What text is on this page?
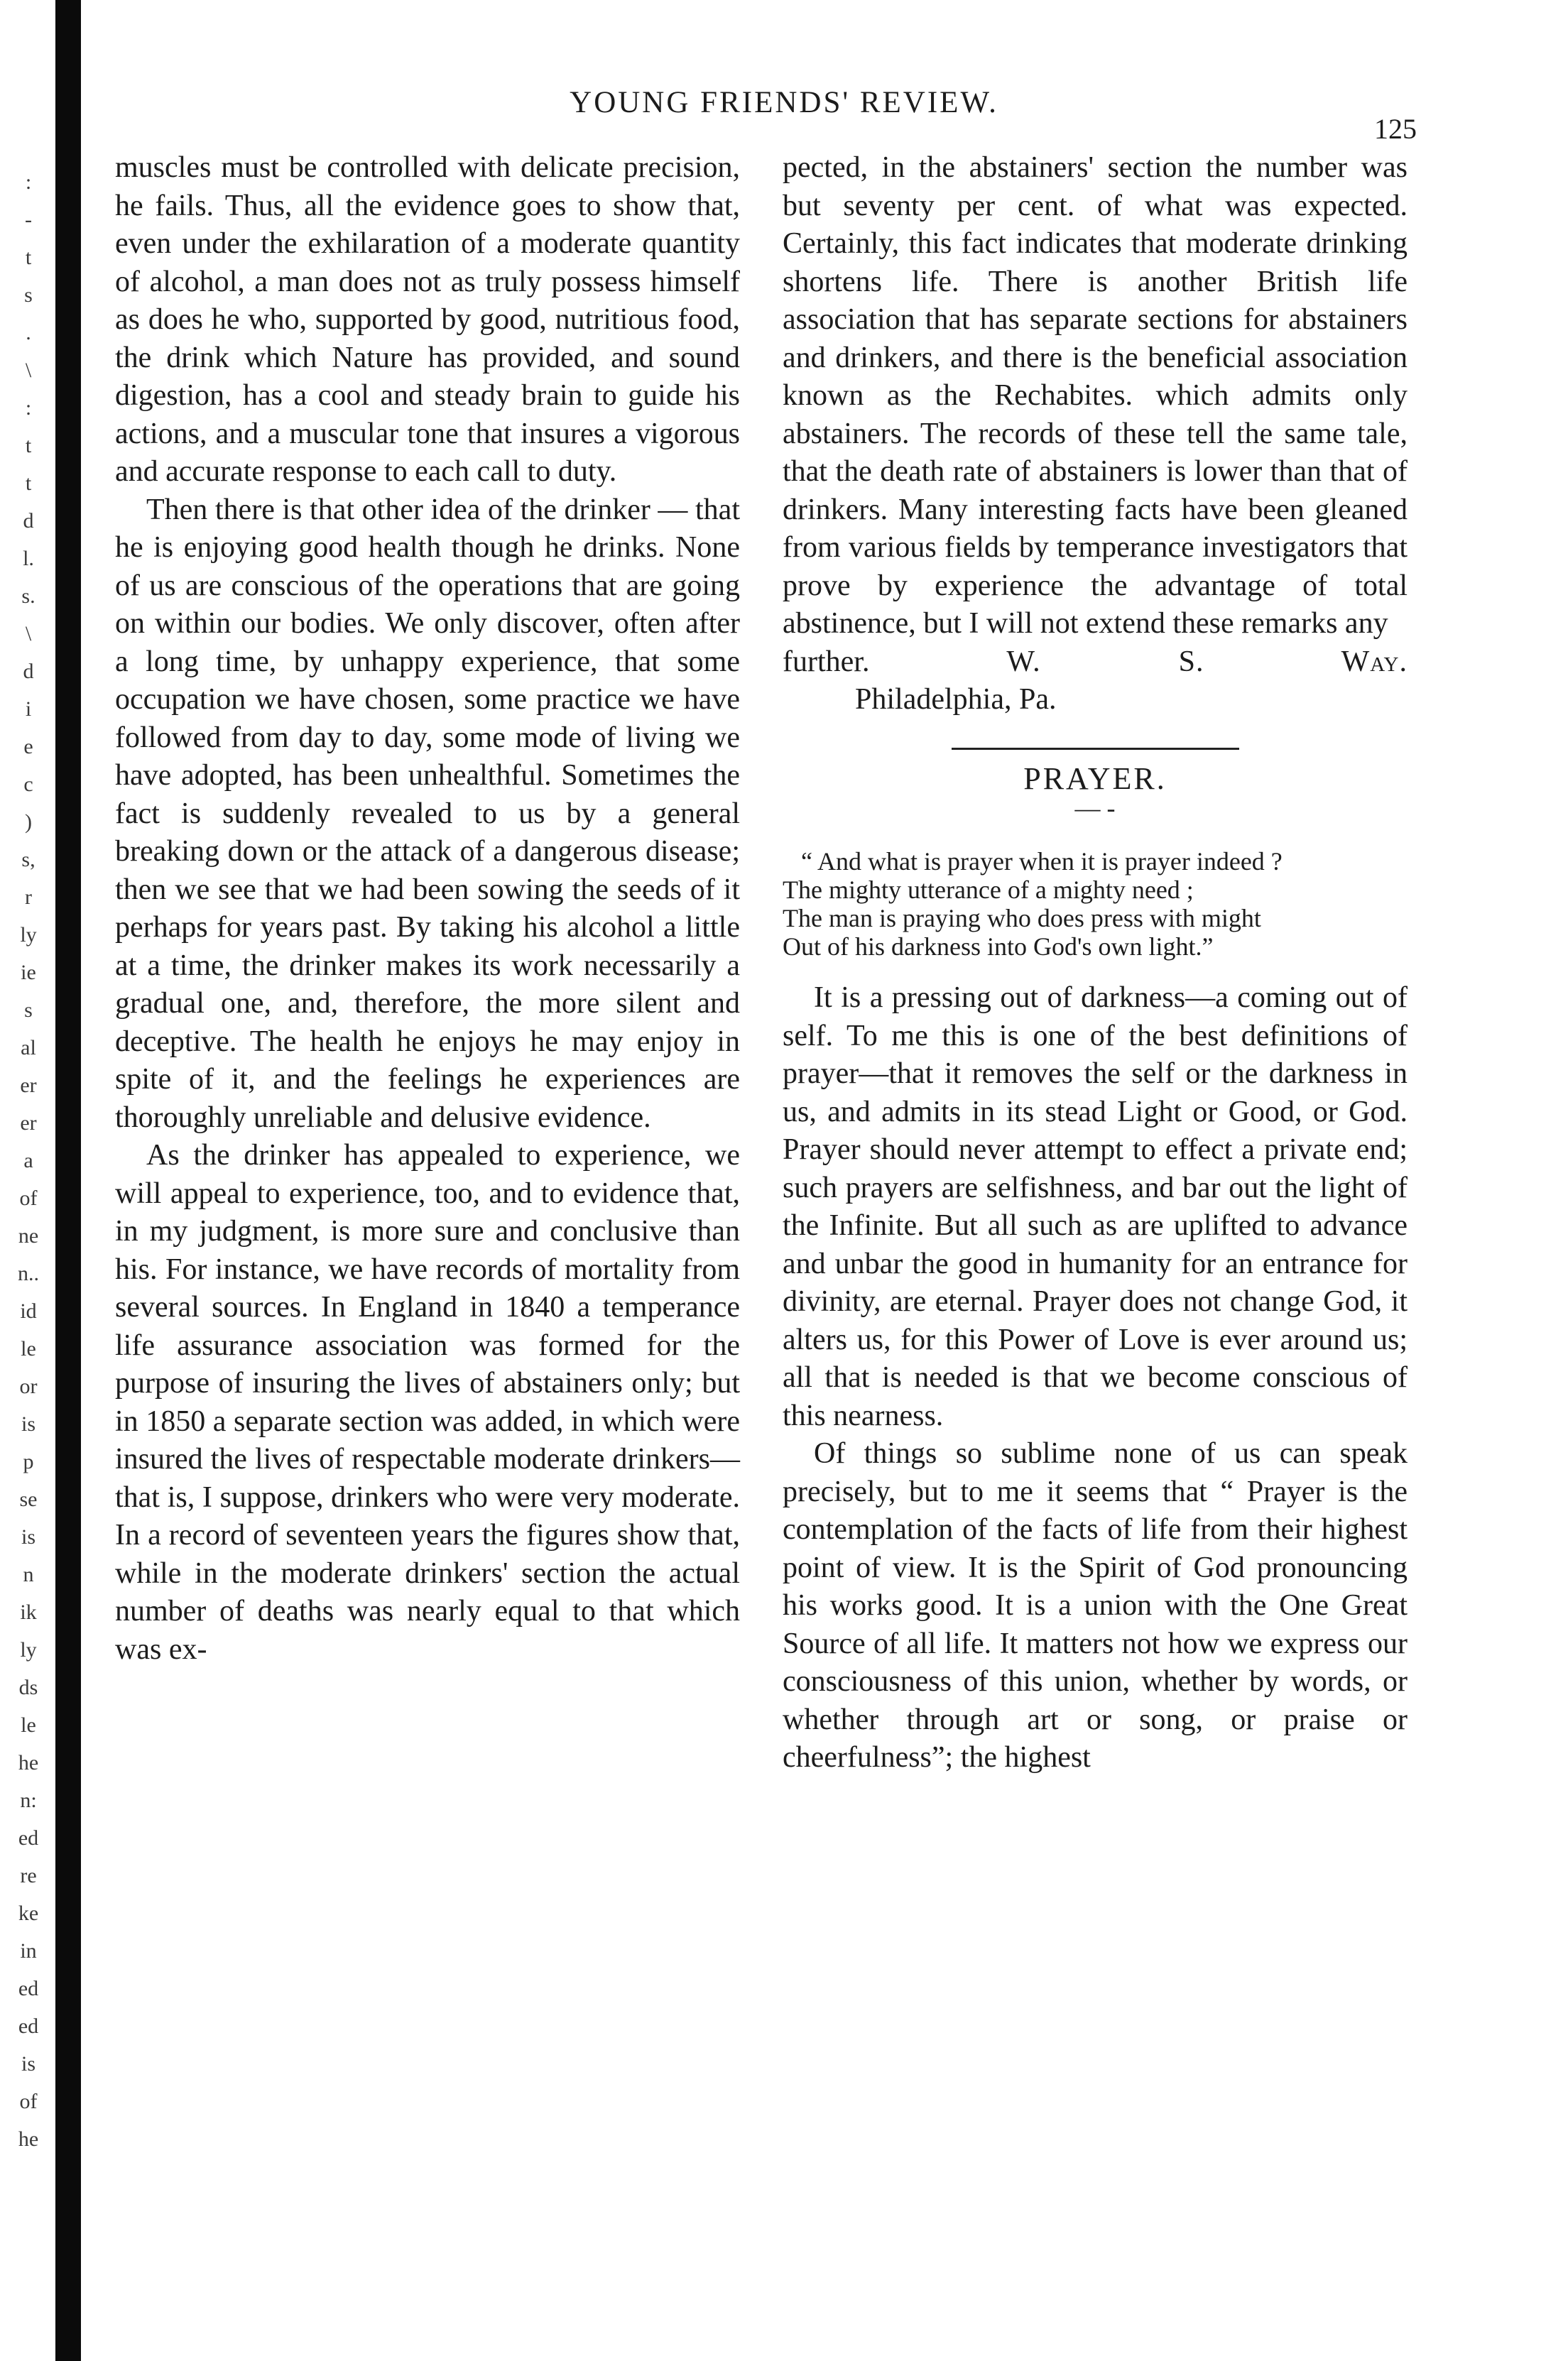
:
-
t
s
.
\
:
t
t
d
l.
s.
\
d
i
e
c
)
s,
r
ly
ie
s
al
er
er
a
of
ne
n..
id
le
or
is
p
se
is
n
ik
ly
ds
le
he
n:
ed
re
ke
in
ed
ed
is
of
he
YOUNG FRIENDS' REVIEW.
125

muscles must be controlled with delicate precision, he fails. Thus, all the evidence goes to show that, even under the exhilaration of a moderate quantity of alcohol, a man does not as truly possess himself as does he who, supported by good, nutritious food, the drink which Nature has provided, and sound digestion, has a cool and steady brain to guide his actions, and a muscular tone that insures a vigorous and accurate response to each call to duty.

Then there is that other idea of the drinker — that he is enjoying good health though he drinks. None of us are conscious of the operations that are going on within our bodies. We only discover, often after a long time, by unhappy experience, that some occupation we have chosen, some practice we have followed from day to day, some mode of living we have adopted, has been unhealthful. Sometimes the fact is suddenly revealed to us by a general breaking down or the attack of a dangerous disease; then we see that we had been sowing the seeds of it perhaps for years past. By taking his alcohol a little at a time, the drinker makes its work necessarily a gradual one, and, therefore, the more silent and deceptive. The health he enjoys he may enjoy in spite of it, and the feelings he experiences are thoroughly unreliable and delusive evidence.

As the drinker has appealed to experience, we will appeal to experience, too, and to evidence that, in my judgment, is more sure and conclusive than his. For instance, we have records of mortality from several sources. In England in 1840 a temperance life assurance association was formed for the purpose of insuring the lives of abstainers only; but in 1850 a separate section was added, in which were insured the lives of respectable moderate drinkers—that is, I suppose, drinkers who were very moderate. In a record of seventeen years the figures show that, while in the moderate drinkers' section the actual number of deaths was nearly equal to that which was ex-

pected, in the abstainers' section the number was but seventy per cent. of what was expected. Certainly, this fact indicates that moderate drinking shortens life. There is another British life association that has separate sections for abstainers and drinkers, and there is the beneficial association known as the Rechabites. which admits only abstainers. The records of these tell the same tale, that the death rate of abstainers is lower than that of drinkers. Many interesting facts have been gleaned from various fields by temperance investigators that prove by experience the advantage of total abstinence, but I will not extend these remarks any

further.	W. S. Way.

Philadelphia, Pa.

PRAYER.
— -
“ And what is prayer when it is prayer indeed ?
The mighty utterance of a mighty need ;
The man is praying who does press with might
Out of his darkness into God's own light.”

It is a pressing out of darkness—a coming out of self. To me this is one of the best definitions of prayer—that it removes the self or the darkness in us, and admits in its stead Light or Good, or God. Prayer should never attempt to effect a private end; such prayers are selfishness, and bar out the light of the Infinite. But all such as are uplifted to advance and unbar the good in humanity for an entrance for divinity, are eternal. Prayer does not change God, it alters us, for this Power of Love is ever around us; all that is needed is that we become conscious of this nearness.

Of things so sublime none of us can speak precisely, but to me it seems that “ Prayer is the contemplation of the facts of life from their highest point of view. It is the Spirit of God pronouncing his works good. It is a union with the One Great Source of all life. It matters not how we express our consciousness of this union, whether by words, or whether through art or song, or praise or cheerfulness”; the highest
